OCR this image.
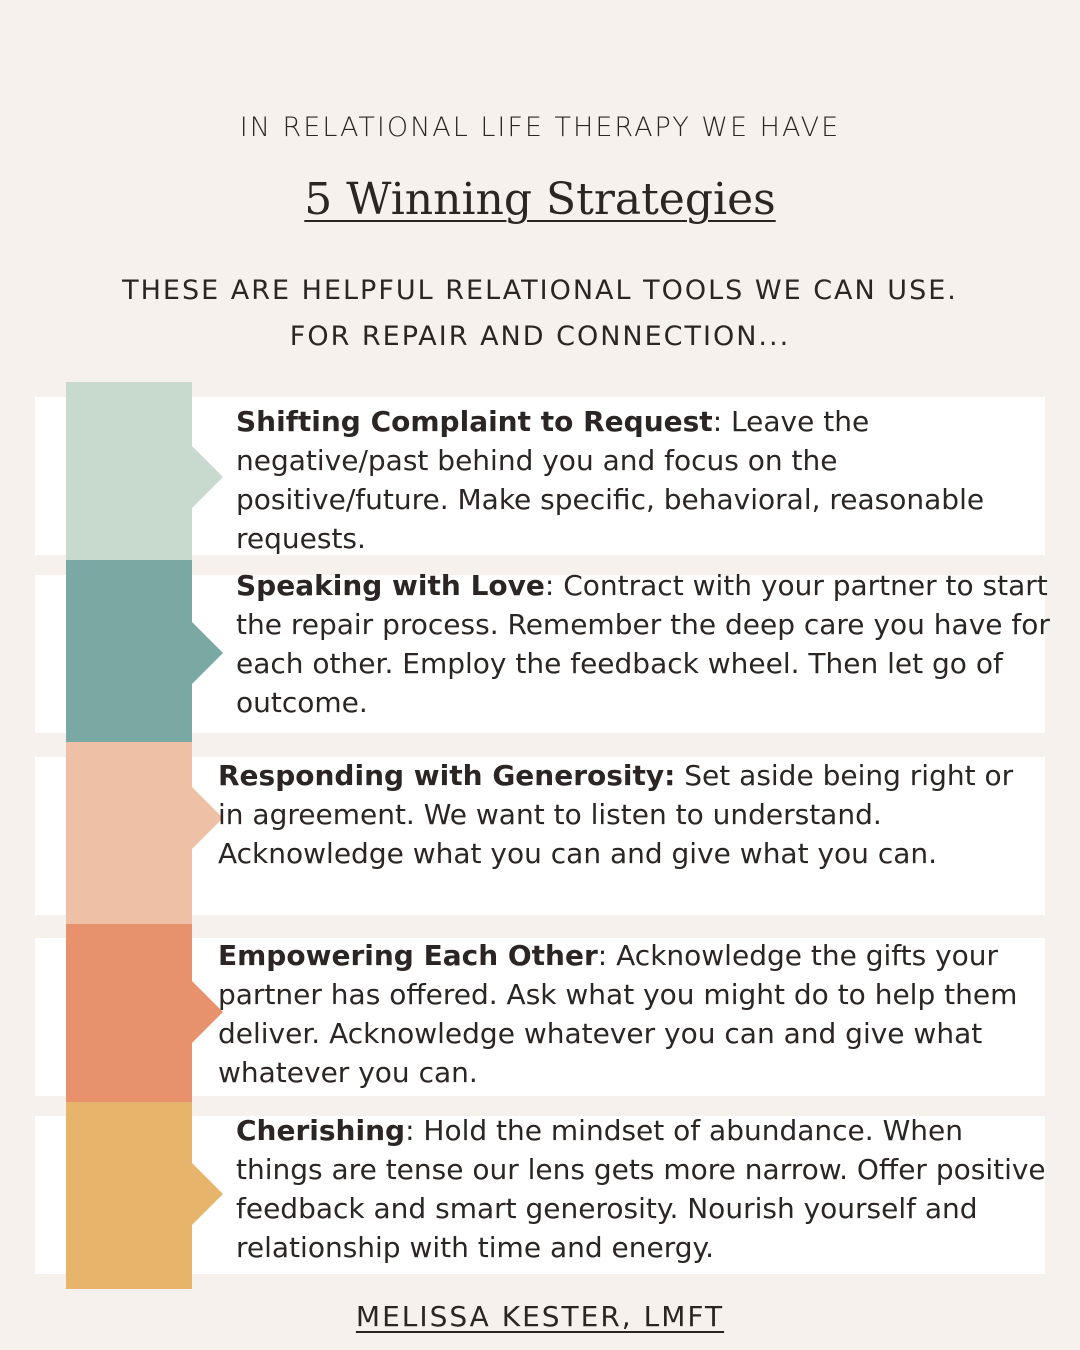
IN RELATIONAL LIFE THERAPY WE HAVE
5 Winning Strategies
THESE ARE HELPFUL RELATIONAL TOOLS WE CAN USE.
FOR REPAIR AND CONNECTION...
Shifting Complaint to Request: Leave the negative/past behind you and focus on the positive/future. Make specific, behavioral, reasonable requests.
Speaking with Love: Contract with your partner to start the repair process. Remember the deep care you have for each other. Employ the feedback wheel. Then let go of outcome.
Responding with Generosity: Set aside being right or in agreement. We want to listen to understand. Acknowledge what you can and give what you can.
Empowering Each Other: Acknowledge the gifts your partner has offered. Ask what you might do to help them deliver. Acknowledge whatever you can and give what whatever you can.
Cherishing: Hold the mindset of abundance. When things are tense our lens gets more narrow. Offer positive feedback and smart generosity. Nourish yourself and relationship with time and energy.
MELISSA KESTER, LMFT
